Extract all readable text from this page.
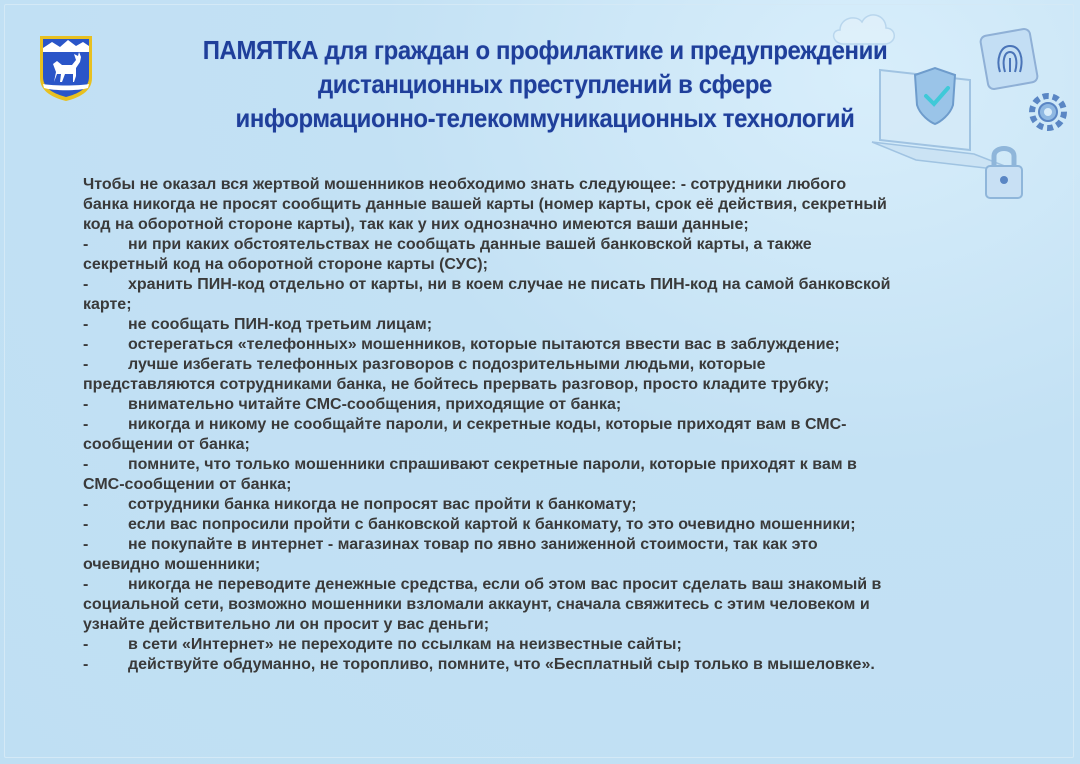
ПАМЯТКА для граждан о профилактике и предупреждении
дистанционных преступлений в сфере
информационно-телекоммуникационных технологий
Чтобы не оказал вся жертвой мошенников необходимо знать следующее: - сотрудники любого
банка никогда не просят сообщить данные вашей карты (номер карты, срок её действия, секретный
код на оборотной стороне карты), так как у них однозначно имеются ваши данные;
- ни при каких обстоятельствах не сообщать данные вашей банковской карты, а также
секретный код на оборотной стороне карты (СУС);
- хранить ПИН-код отдельно от карты, ни в коем случае не писать ПИН-код на самой банковской
карте;
- не сообщать ПИН-код третьим лицам;
- остерегаться «телефонных» мошенников, которые пытаются ввести вас в заблуждение;
- лучше избегать телефонных разговоров с подозрительными людьми, которые
представляются сотрудниками банка, не бойтесь прервать разговор, просто кладите трубку;
- внимательно читайте СМС-сообщения, приходящие от банка;
- никогда и никому не сообщайте пароли, и секретные коды, которые приходят вам в СМС-
сообщении от банка;
- помните, что только мошенники спрашивают секретные пароли, которые приходят к вам в
СМС-сообщении от банка;
- сотрудники банка никогда не попросят вас пройти к банкомату;
- если вас попросили пройти с банковской картой к банкомату, то это очевидно мошенники;
- не покупайте в интернет - магазинах товар по явно заниженной стоимости, так как это
очевидно мошенники;
- никогда не переводите денежные средства, если об этом вас просит сделать ваш знакомый в
социальной сети, возможно мошенники взломали аккаунт, сначала свяжитесь с этим человеком и
узнайте действительно ли он просит у вас деньги;
- в сети «Интернет» не переходите по ссылкам на неизвестные сайты;
- действуйте обдуманно, не торопливо, помните, что «Бесплатный сыр только в мышеловке».
